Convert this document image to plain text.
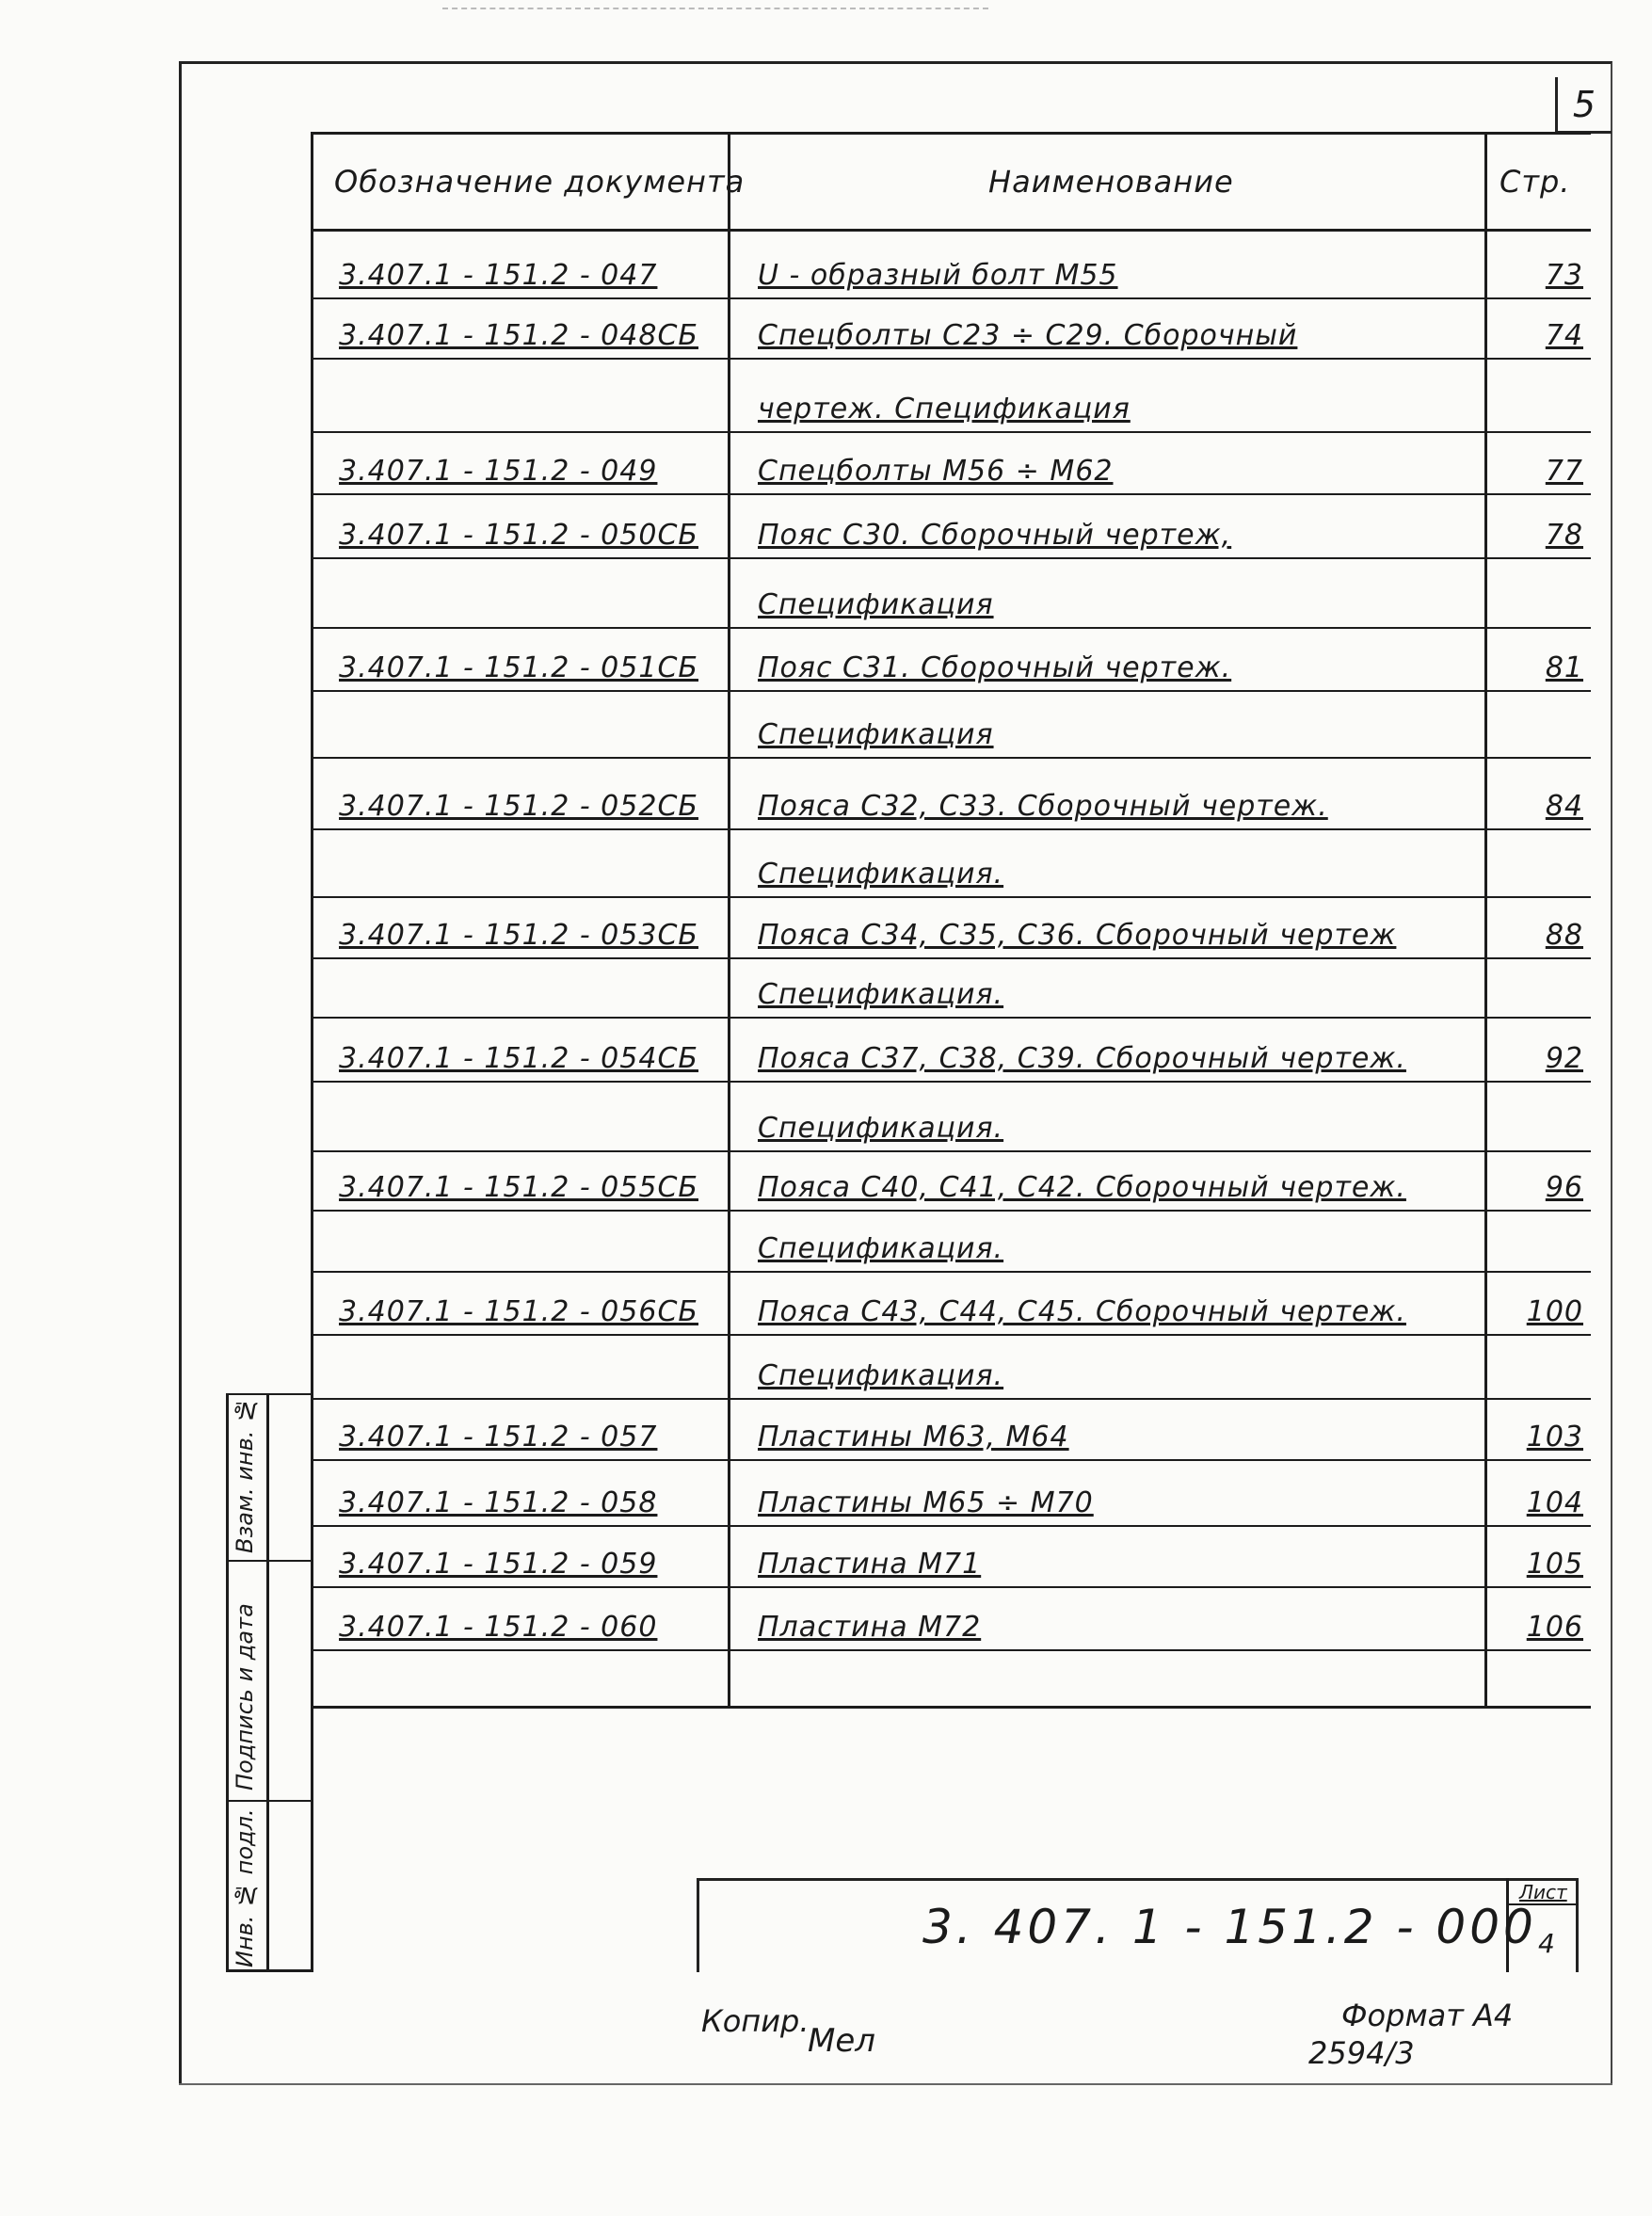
5
Инв. № подл.
Подпись и дата
Взам. инв. №
Обозначение документа	Наименование	Стр.
3.407.1 - 151.2 - 047	U - образный болт М55	73
3.407.1 - 151.2 - 048СБ	Спецболты С23 ÷ С29. Сборочный	74
чертеж. Спецификация
3.407.1 - 151.2 - 049	Спецболты М56 ÷ М62	77
3.407.1 - 151.2 - 050СБ	Пояс С30. Сборочный чертеж,	78
Спецификация
3.407.1 - 151.2 - 051СБ	Пояс С31. Сборочный чертеж.	81
Спецификация
3.407.1 - 151.2 - 052СБ	Пояса С32, С33. Сборочный чертеж.	84
Спецификация.
3.407.1 - 151.2 - 053СБ	Пояса С34, С35, С36. Сборочный чертеж	88
Спецификация.
3.407.1 - 151.2 - 054СБ	Пояса С37, С38, С39. Сборочный чертеж.	92
Спецификация.
3.407.1 - 151.2 - 055СБ	Пояса С40, С41, С42. Сборочный чертеж.	96
Спецификация.
3.407.1 - 151.2 - 056СБ	Пояса С43, С44, С45. Сборочный чертеж.	100
Спецификация.
3.407.1 - 151.2 - 057	Пластины М63, М64	103
3.407.1 - 151.2 - 058	Пластины М65 ÷ М70	104
3.407.1 - 151.2 - 059	Пластина М71	105
3.407.1 - 151.2 - 060	Пластина М72	106
3. 407. 1 - 151.2 - 000
Лист
4
Копир.
Мел
Формат А4
2594/3
